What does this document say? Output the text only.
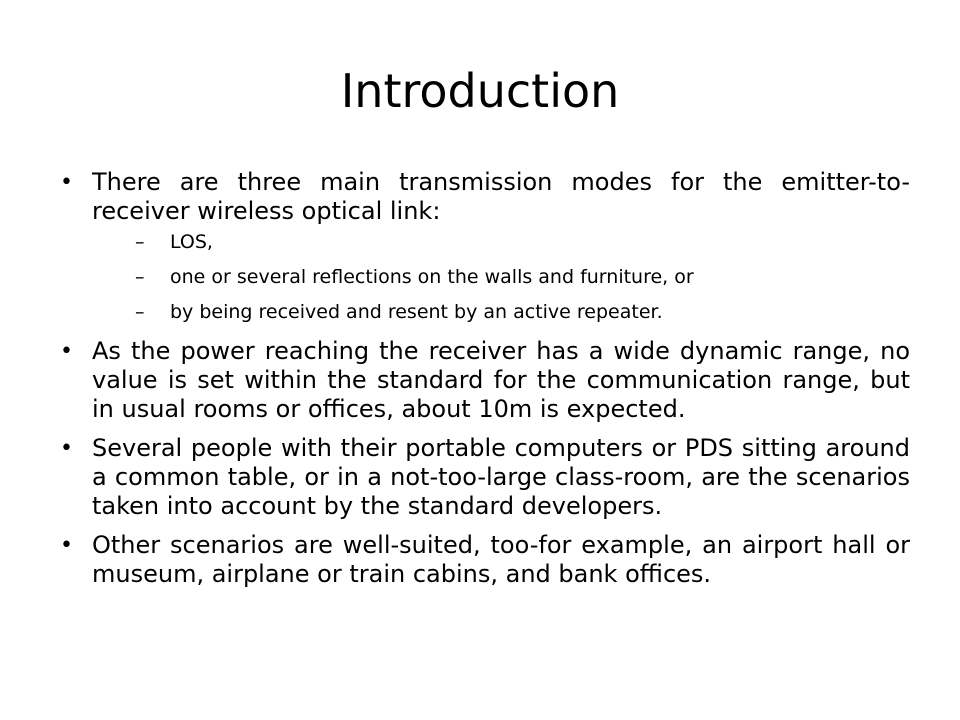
Introduction
• There are three main transmission modes for the emitter-to-receiver wireless optical link:
– LOS,
– one or several reflections on the walls and furniture, or
– by being received and resent by an active repeater.
• As the power reaching the receiver has a wide dynamic range, no value is set within the standard for the communication range, but in usual rooms or offices, about 10m is expected.
• Several people with their portable computers or PDS sitting around a common table, or in a not-too-large class-room, are the scenarios taken into account by the standard developers.
• Other scenarios are well-suited, too-for example, an airport hall or museum, airplane or train cabins, and bank offices.
